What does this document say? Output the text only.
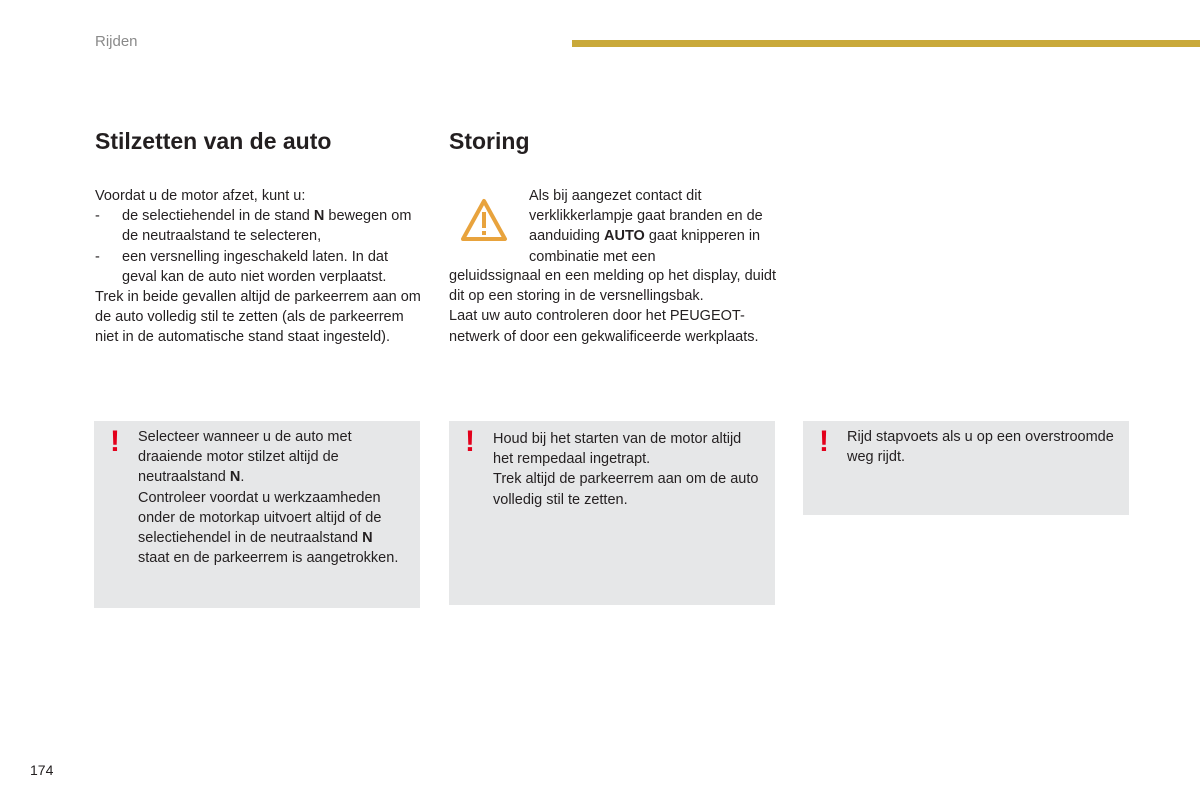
Rijden
Stilzetten van de auto	Storing
Voordat u de motor afzet, kunt u:
-	de selectiehendel in de stand N bewegen om de neutraalstand te selecteren,
-	een versnelling ingeschakeld laten. In dat geval kan de auto niet worden verplaatst.
Trek in beide gevallen altijd de parkeerrem aan om de auto volledig stil te zetten (als de parkeerrem niet in de automatische stand staat ingesteld).
Als bij aangezet contact dit verklikkerlampje gaat branden en de aanduiding AUTO gaat knipperen in combinatie met een
geluidssignaal en een melding op het display, duidt dit op een storing in de versnellingsbak.
Laat uw auto controleren door het PEUGEOT-netwerk of door een gekwalificeerde werkplaats.
! Selecteer wanneer u de auto met draaiende motor stilzet altijd de neutraalstand N.
Controleer voordat u werkzaamheden onder de motorkap uitvoert altijd of de selectiehendel in de neutraalstand N staat en de parkeerrem is aangetrokken.
! Houd bij het starten van de motor altijd het rempedaal ingetrapt.
Trek altijd de parkeerrem aan om de auto volledig stil te zetten.
! Rijd stapvoets als u op een overstroomde weg rijdt.
174
